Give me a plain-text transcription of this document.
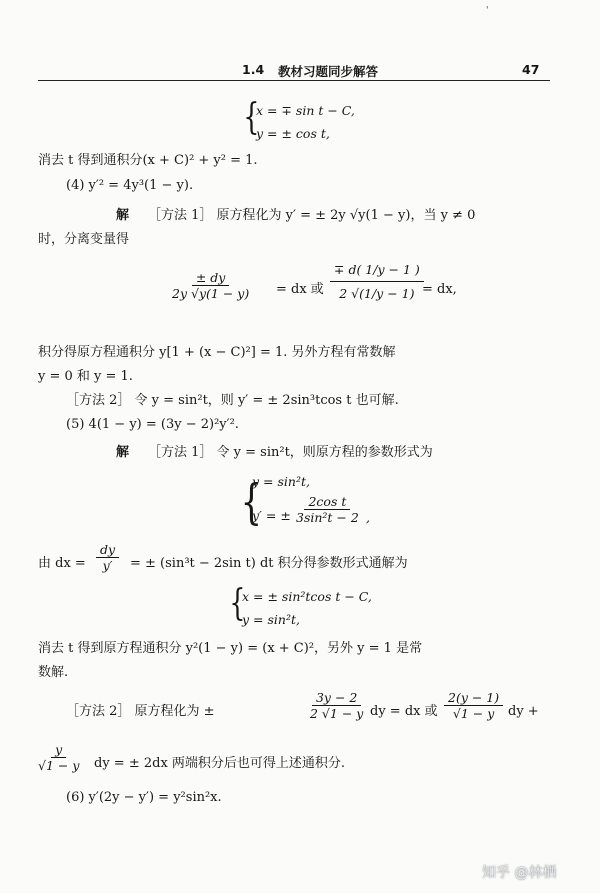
1.4 教材习题同步解答	47
'
{
x = ∓ sin t − C,
y = ± cos t,
消去 t 得到通积分(x + C)² + y² = 1.
(4) y′² = 4y³(1 − y).
解 ［方法 1］ 原方程化为 y′ = ± 2y √y(1 − y)，当 y ≠ 0
时，分离变量得
$\frac{\pm dy}{2y √y(1 - y)}$ = dx 或 $\frac{\mp d( 1/y - 1 )}{2 √(1/y - 1)}$
= dx,
积分得原方程通积分 y[1 + (x − C)²] = 1. 另外方程有常数解
y = 0 和 y = 1.
［方法 2］ 令 y = sin²t，则 y′ = ± 2sin³tcos t 也可解.
(5) 4(1 − y) = (3y − 2)²y′².
解 ［方法 1］ 令 y = sin²t，则原方程的参数形式为
{
y = sin²t,
y′ = ± $\frac{\text{2cos t}}{\text{3sin²t − 2}}$ ,
由 dx = $\frac{dy}{y'}$ = ± (sin³t − 2sin t) dt 积分得参数形式通解为
{
x = ± sin²tcos t − C,
y = sin²t,
消去 t 得到原方程通积分 y²(1 − y) = (x + C)²，另外 y = 1 是常
数解.
［方法 2］ 原方程化为 ±	$\frac{3y - 2}{2 √1 - y}$ dy = dx 或 $\frac{2(y - 1)}{√1 - y}$ dy +
$\frac{y}{√1 - y}$ dy = ± 2dx 两端积分后也可得上述通积分.
(6) y′(2y − y′) = y²sin²x.
知乎 @林栖
